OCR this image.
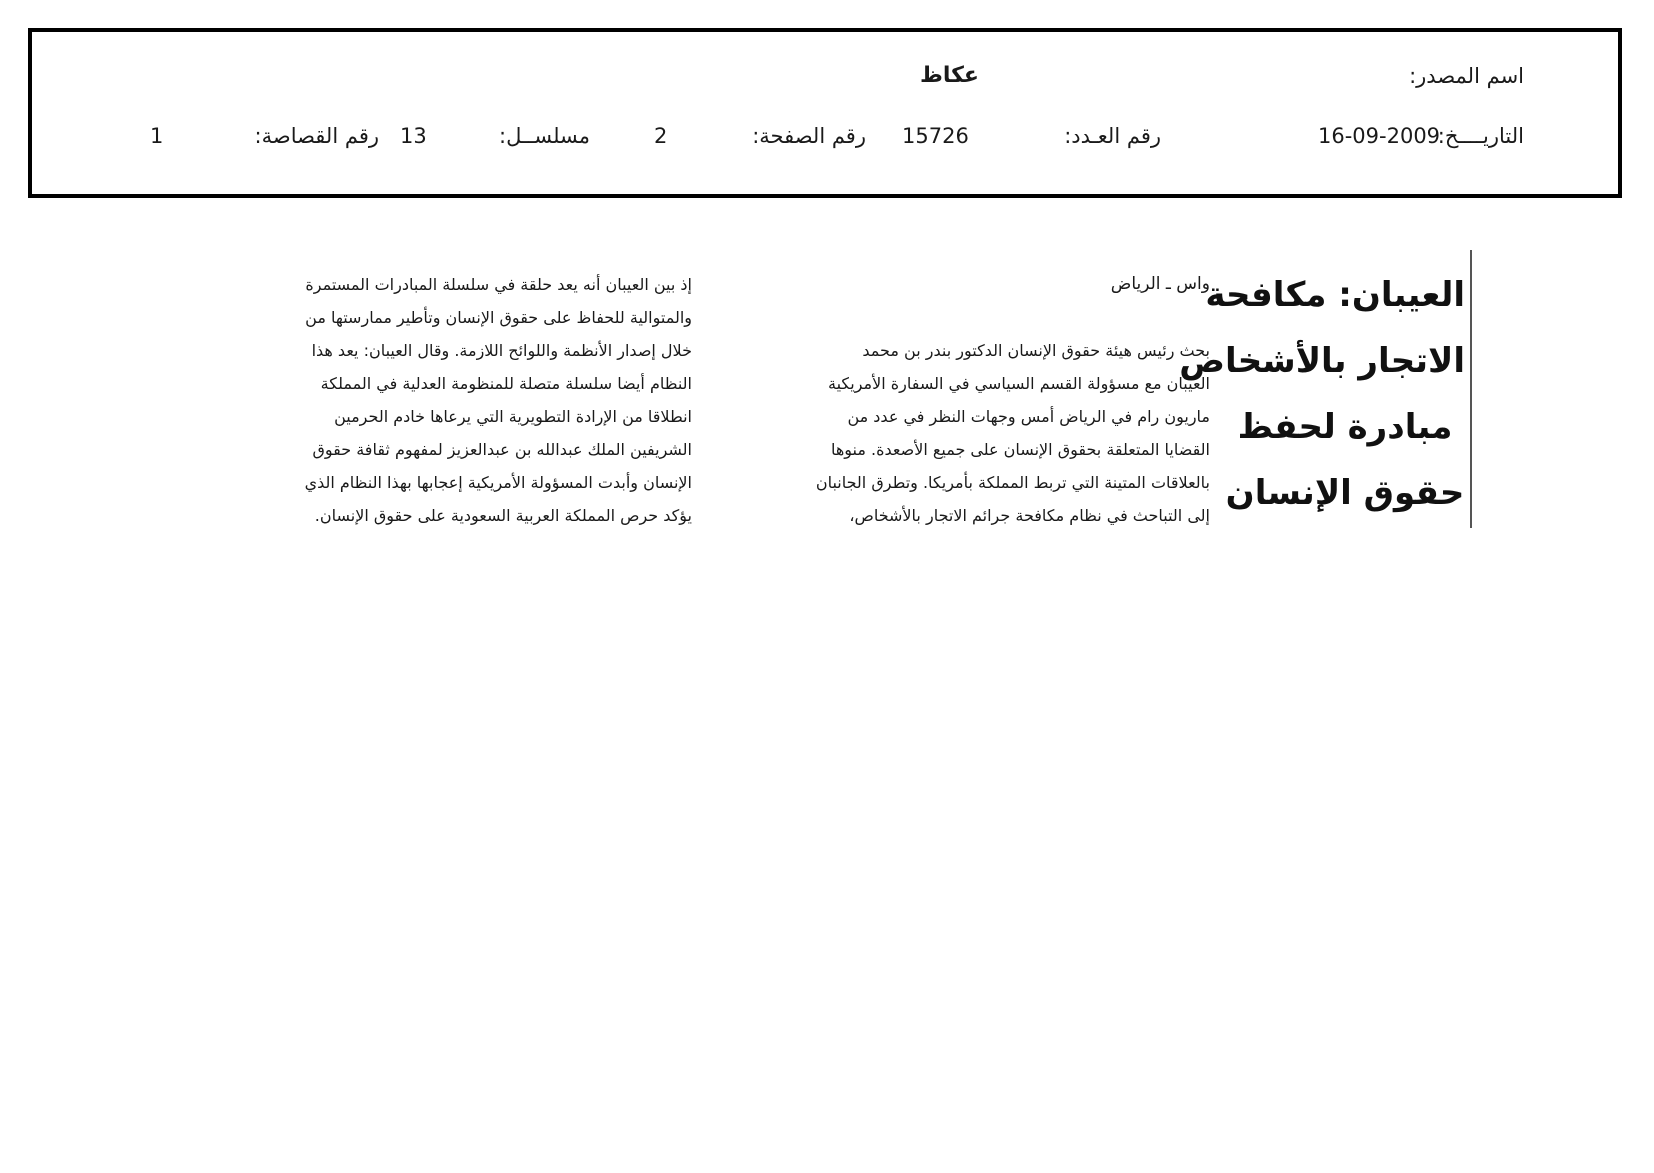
اسم المصدر:
عكاظ
التاريــــخ:
16-09-2009
رقم العـدد:
15726
رقم الصفحة:
2
مسلســل:
13
رقم القصاصة:
1
العيبان: مكافحة
الاتجار بالأشخاص
مبادرة لحفظ
حقوق الإنسان
واس ـ الرياض
بحث رئيس هيئة حقوق الإنسان الدكتور بندر بن محمد
العيبان مع مسؤولة القسم السياسي في السفارة الأمريكية
ماريون رام في الرياض أمس وجهات النظر في عدد من
القضايا المتعلقة بحقوق الإنسان على جميع الأصعدة. منوها
بالعلاقات المتينة التي تربط المملكة بأمريكا. وتطرق الجانبان
إلى التباحث في نظام مكافحة جرائم الاتجار بالأشخاص،
إذ بين العيبان أنه يعد حلقة في سلسلة المبادرات المستمرة
والمتوالية للحفاظ على حقوق الإنسان وتأطير ممارستها من
خلال إصدار الأنظمة واللوائح اللازمة. وقال العيبان: يعد هذا
النظام أيضا سلسلة متصلة للمنظومة العدلية في المملكة
انطلاقا من الإرادة التطويرية التي يرعاها خادم الحرمين
الشريفين الملك عبدالله بن عبدالعزيز لمفهوم ثقافة حقوق
الإنسان وأبدت المسؤولة الأمريكية إعجابها بهذا النظام الذي
يؤكد حرص المملكة العربية السعودية على حقوق الإنسان.
